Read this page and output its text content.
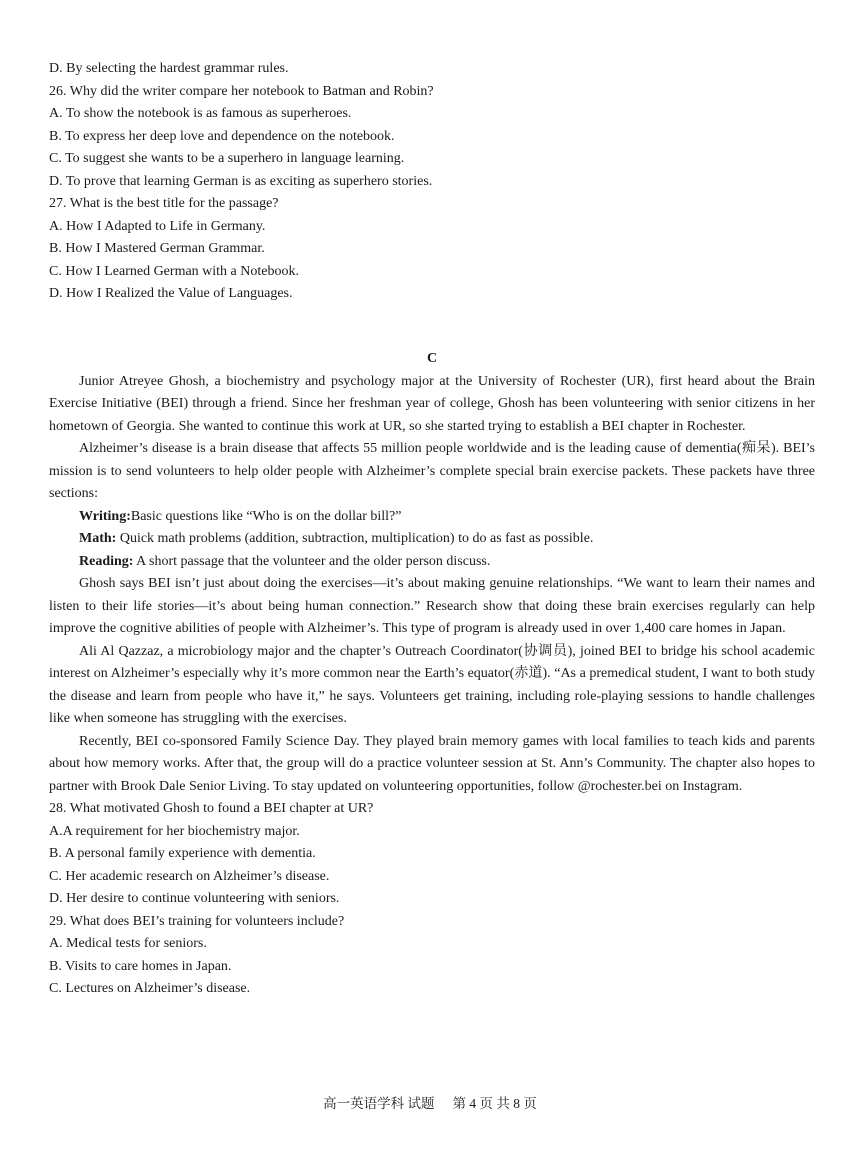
D. By selecting the hardest grammar rules.
26. Why did the writer compare her notebook to Batman and Robin?
A. To show the notebook is as famous as superheroes.
B. To express her deep love and dependence on the notebook.
C. To suggest she wants to be a superhero in language learning.
D. To prove that learning German is as exciting as superhero stories.
27. What is the best title for the passage?
A. How I Adapted to Life in Germany.
B. How I Mastered German Grammar.
C. How I Learned German with a Notebook.
D. How I Realized the Value of Languages.
C
Junior Atreyee Ghosh, a biochemistry and psychology major at the University of Rochester (UR), first heard about the Brain Exercise Initiative (BEI) through a friend. Since her freshman year of college, Ghosh has been volunteering with senior citizens in her hometown of Georgia. She wanted to continue this work at UR, so she started trying to establish a BEI chapter in Rochester.
Alzheimer’s disease is a brain disease that affects 55 million people worldwide and is the leading cause of dementia(痴呆). BEI’s mission is to send volunteers to help older people with Alzheimer’s complete special brain exercise packets. These packets have three sections:
Writing:Basic questions like “Who is on the dollar bill?”
Math: Quick math problems (addition, subtraction, multiplication) to do as fast as possible.
Reading: A short passage that the volunteer and the older person discuss.
Ghosh says BEI isn’t just about doing the exercises—it’s about making genuine relationships. “We want to learn their names and listen to their life stories—it’s about being human connection.” Research show that doing these brain exercises regularly can help improve the cognitive abilities of people with Alzheimer’s. This type of program is already used in over 1,400 care homes in Japan.
Ali Al Qazzaz, a microbiology major and the chapter’s Outreach Coordinator(协调员), joined BEI to bridge his school academic interest on Alzheimer’s especially why it’s more common near the Earth’s equator(赤道). “As a premedical student, I want to both study the disease and learn from people who have it,” he says. Volunteers get training, including role-playing sessions to handle challenges like when someone has struggling with the exercises.
Recently, BEI co-sponsored Family Science Day. They played brain memory games with local families to teach kids and parents about how memory works. After that, the group will do a practice volunteer session at St. Ann’s Community. The chapter also hopes to partner with Brook Dale Senior Living. To stay updated on volunteering opportunities, follow @rochester.bei on Instagram.
28. What motivated Ghosh to found a BEI chapter at UR?
A.A requirement for her biochemistry major.
B. A personal family experience with dementia.
C. Her academic research on Alzheimer’s disease.
D. Her desire to continue volunteering with seniors.
29. What does BEI’s training for volunteers include?
A. Medical tests for seniors.
B. Visits to care homes in Japan.
C. Lectures on Alzheimer’s disease.
高一英语学科 试题 第 4 页 共 8 页
